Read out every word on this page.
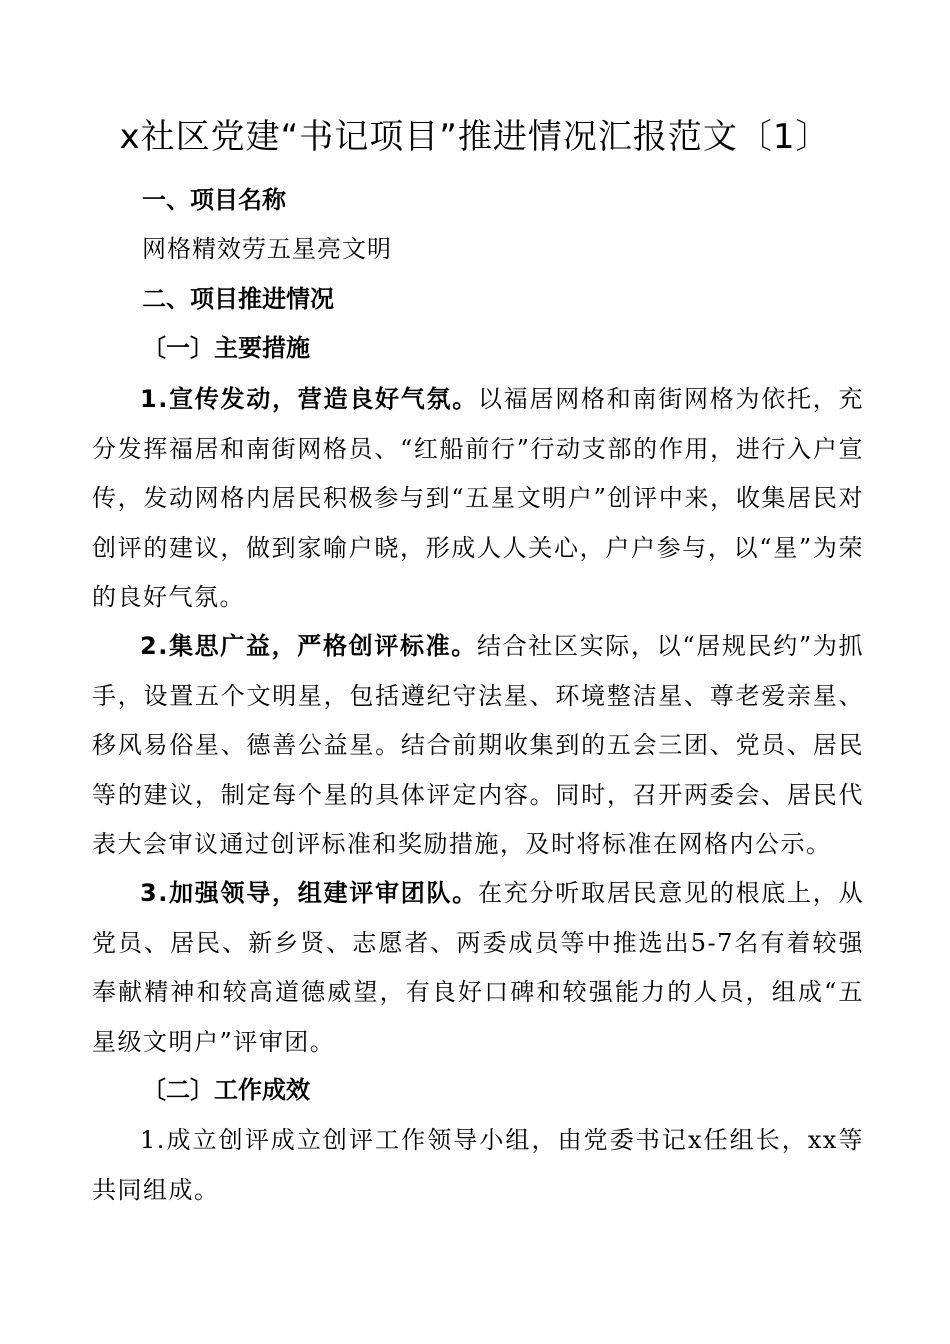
x社区党建“书记项目”推进情况汇报范文〔1〕
一、项目名称
网格精效劳五星亮文明
二、项目推进情况
〔一〕主要措施
1.宣传发动，营造良好气氛。以福居网格和南街网格为依托，充分发挥福居和南街网格员、“红船前行”行动支部的作用，进行入户宣传，发动网格内居民积极参与到“五星文明户”创评中来，收集居民对创评的建议，做到家喻户晓，形成人人关心，户户参与，以“星”为荣的良好气氛。
2.集思广益，严格创评标准。结合社区实际，以“居规民约”为抓手，设置五个文明星，包括遵纪守法星、环境整洁星、尊老爱亲星、移风易俗星、德善公益星。结合前期收集到的五会三团、党员、居民等的建议，制定每个星的具体评定内容。同时，召开两委会、居民代表大会审议通过创评标准和奖励措施，及时将标准在网格内公示。
3.加强领导，组建评审团队。在充分听取居民意见的根底上，从党员、居民、新乡贤、志愿者、两委成员等中推选出5-7名有着较强奉献精神和较高道德威望，有良好口碑和较强能力的人员，组成“五星级文明户”评审团。
〔二〕工作成效
1.成立创评成立创评工作领导小组，由党委书记x任组长，xx等共同组成。
